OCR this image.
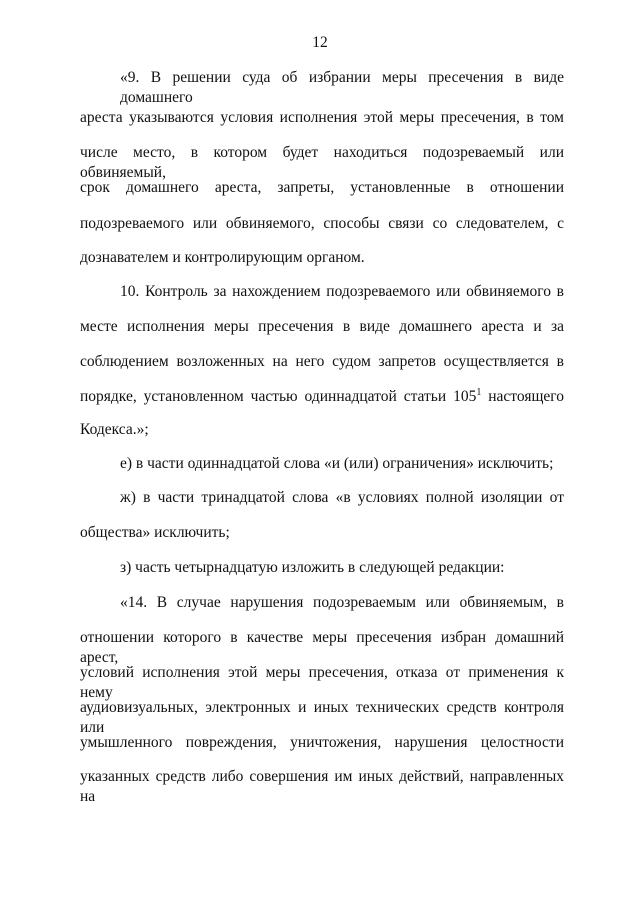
12
«9. В решении суда об избрании меры пресечения в виде домашнего
ареста указываются условия исполнения этой меры пресечения, в том
числе место, в котором будет находиться подозреваемый или обвиняемый,
срок домашнего ареста, запреты, установленные в отношении
подозреваемого или обвиняемого, способы связи со следователем, с
дознавателем и контролирующим органом.
10. Контроль за нахождением подозреваемого или обвиняемого в
месте исполнения меры пресечения в виде домашнего ареста и за
соблюдением возложенных на него судом запретов осуществляется в
порядке, установленном частью одиннадцатой статьи $105^1$ настоящего
Кодекса.»;
е) в части одиннадцатой слова «и (или) ограничения» исключить;
ж) в части тринадцатой слова «в условиях полной изоляции от
общества» исключить;
з) часть четырнадцатую изложить в следующей редакции:
«14. В случае нарушения подозреваемым или обвиняемым, в
отношении которого в качестве меры пресечения избран домашний арест,
условий исполнения этой меры пресечения, отказа от применения к нему
аудиовизуальных, электронных и иных технических средств контроля или
умышленного повреждения, уничтожения, нарушения целостности
указанных средств либо совершения им иных действий, направленных на
